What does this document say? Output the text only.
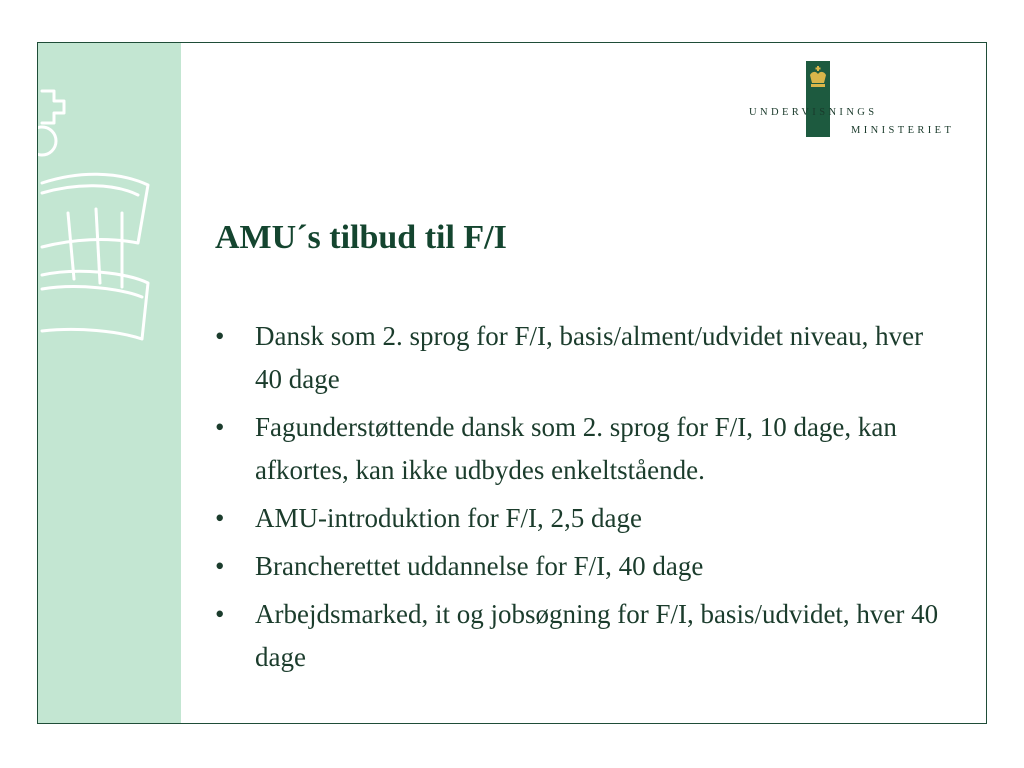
UNDERVISNINGS
MINISTERIET
AMU´s tilbud til F/I
•	Dansk som 2. sprog for F/I, basis/alment/udvidet niveau, hver 40 dage
•	Fagunderstøttende dansk som 2. sprog for F/I, 10 dage, kan afkortes, kan ikke udbydes enkeltstående.
•	AMU-introduktion for F/I, 2,5 dage
•	Brancherettet uddannelse for F/I, 40 dage
•	Arbejdsmarked, it og jobsøgning for F/I, basis/udvidet, hver 40 dage
